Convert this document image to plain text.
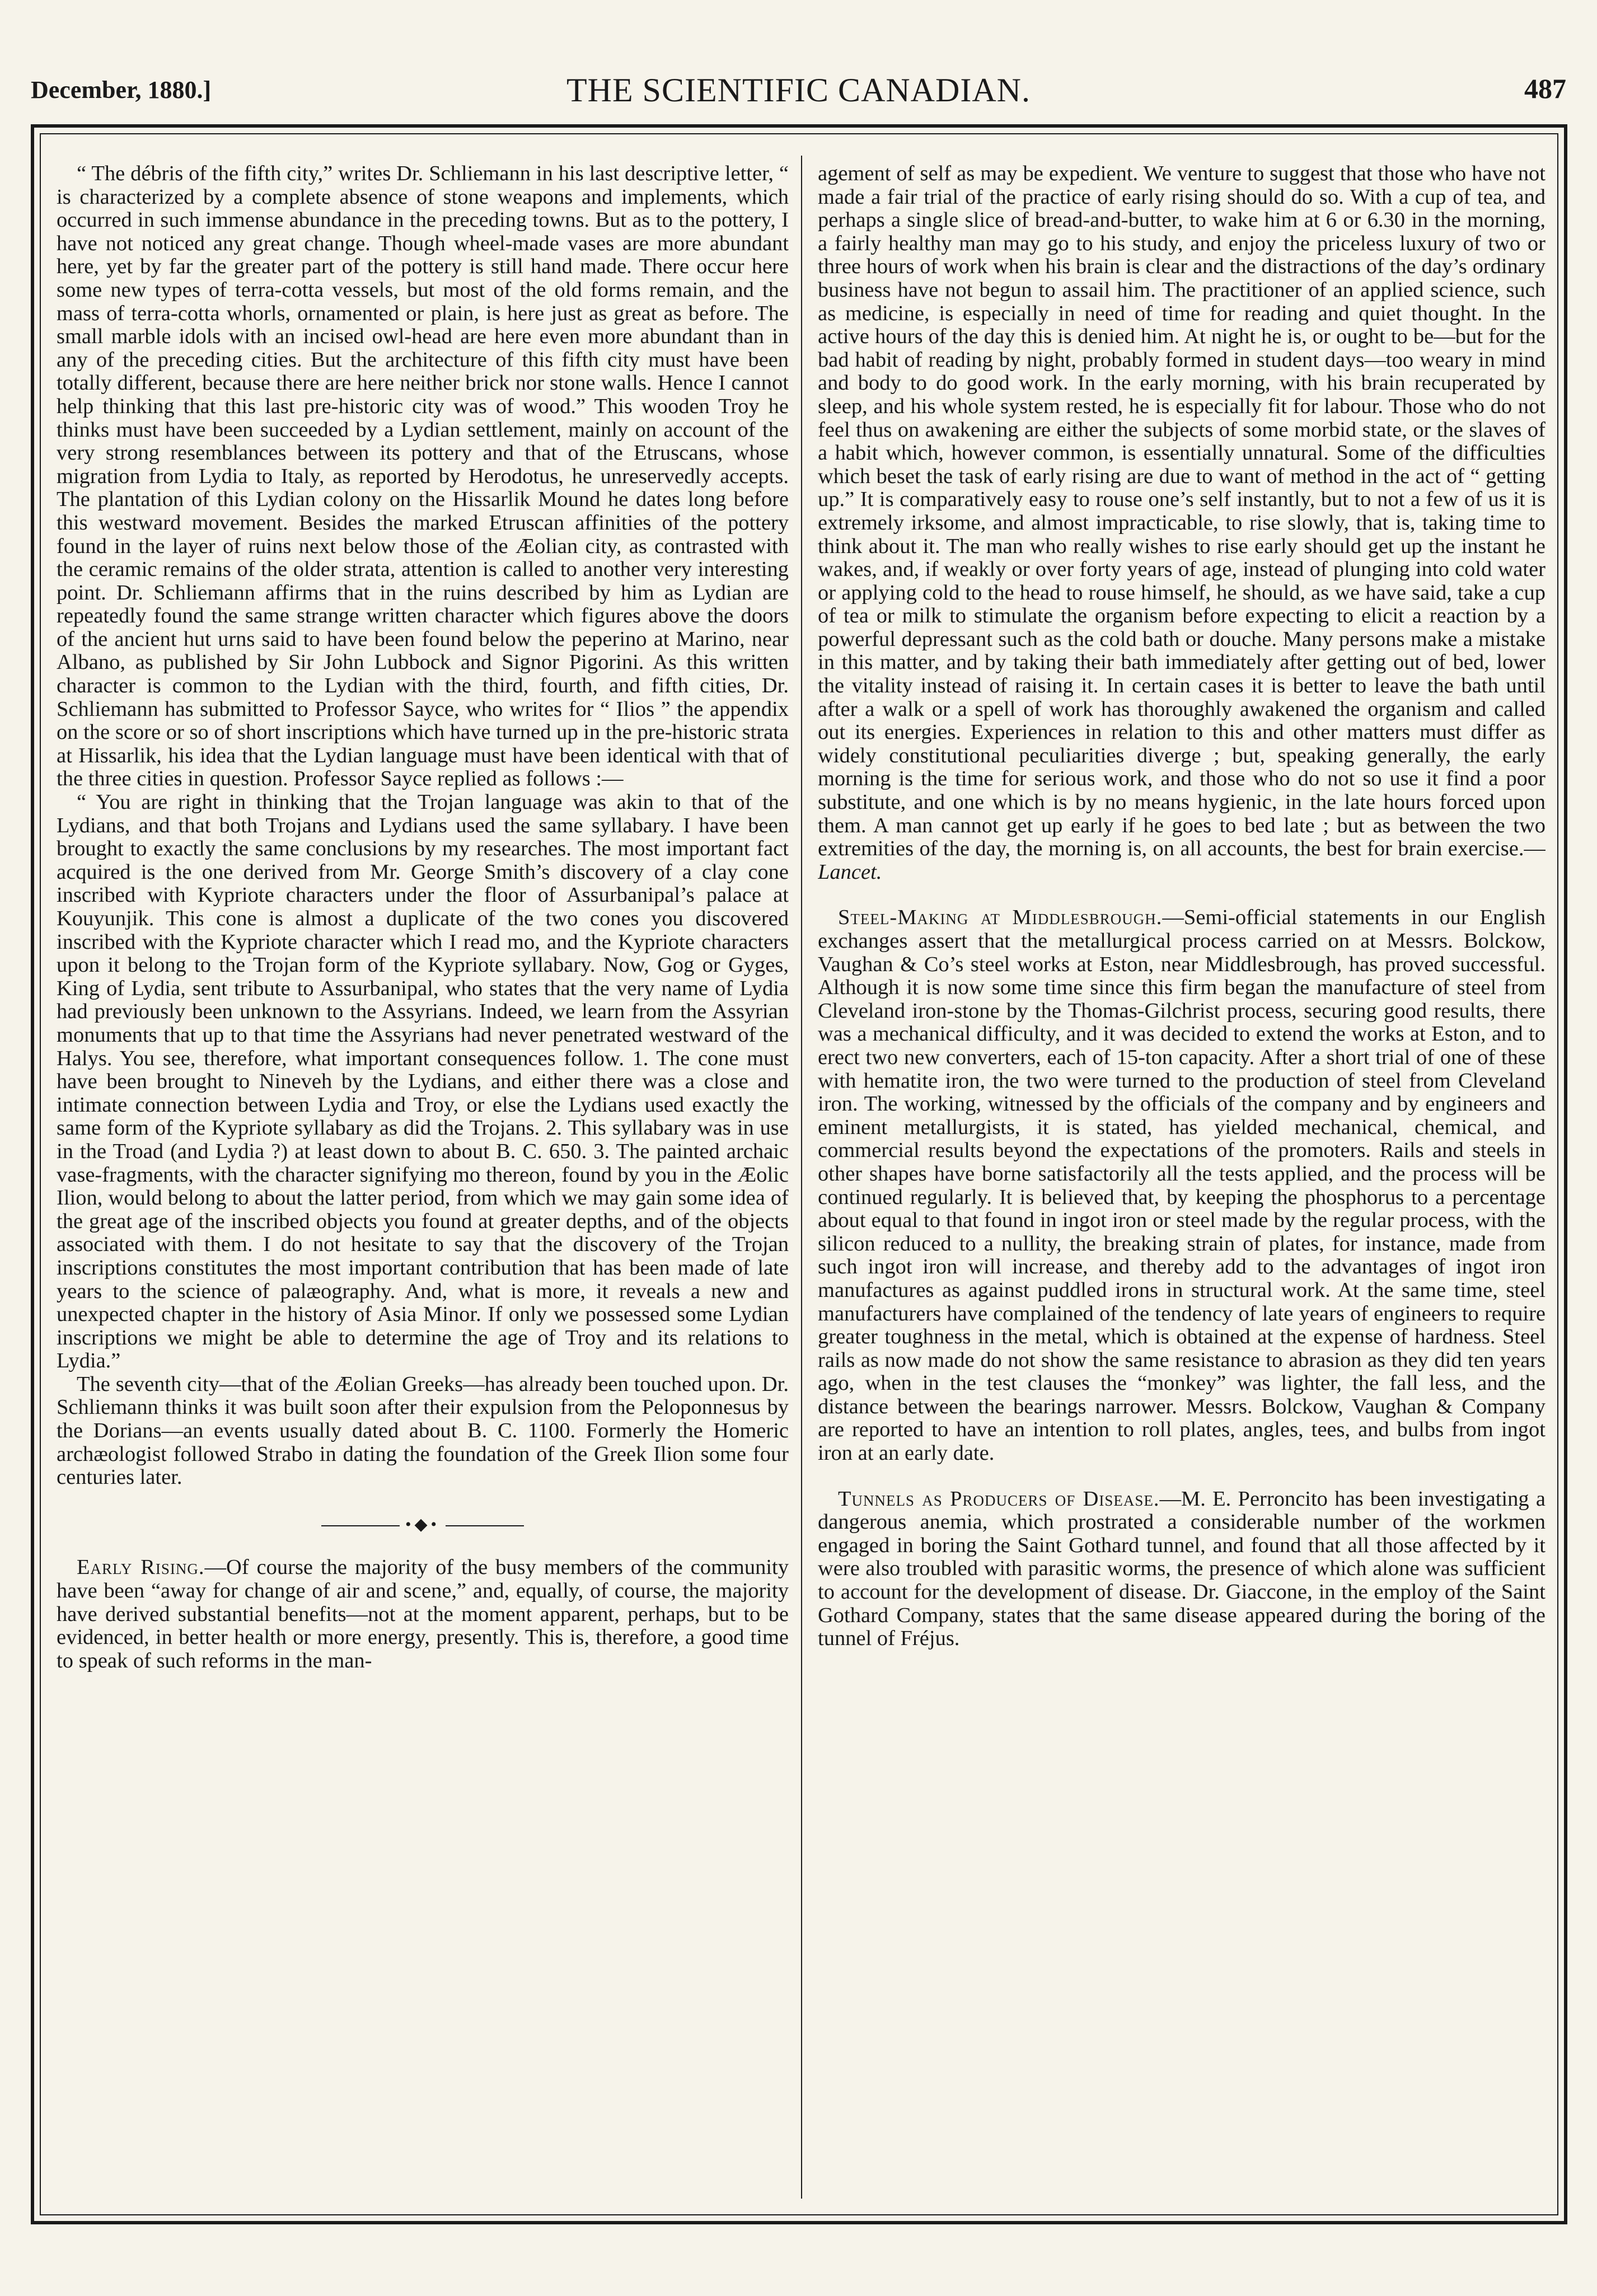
December, 1880.]	THE SCIENTIFIC CANADIAN.	487

“ The débris of the fifth city,” writes Dr. Schliemann in his last descriptive letter, “ is characterized by a complete absence of stone weapons and implements, which occurred in such immense abundance in the preceding towns. But as to the pottery, I have not noticed any great change. Though wheel-made vases are more abundant here, yet by far the greater part of the pottery is still hand made. There occur here some new types of terra-cotta vessels, but most of the old forms remain, and the mass of terra-cotta whorls, ornamented or plain, is here just as great as before. The small marble idols with an incised owl-head are here even more abundant than in any of the preceding cities. But the architecture of this fifth city must have been totally different, because there are here neither brick nor stone walls. Hence I cannot help thinking that this last pre-historic city was of wood.” This wooden Troy he thinks must have been succeeded by a Lydian settlement, mainly on account of the very strong resemblances between its pottery and that of the Etruscans, whose migration from Lydia to Italy, as reported by Herodotus, he unreservedly accepts. The plantation of this Lydian colony on the Hissarlik Mound he dates long before this westward movement. Besides the marked Etruscan affinities of the pottery found in the layer of ruins next below those of the Æolian city, as contrasted with the ceramic remains of the older strata, attention is called to another very interesting point. Dr. Schliemann affirms that in the ruins described by him as Lydian are repeatedly found the same strange written character which figures above the doors of the ancient hut urns said to have been found below the peperino at Marino, near Albano, as published by Sir John Lubbock and Signor Pigorini. As this written character is common to the Lydian with the third, fourth, and fifth cities, Dr. Schliemann has submitted to Professor Sayce, who writes for “ Ilios ” the appendix on the score or so of short inscriptions which have turned up in the pre-historic strata at Hissarlik, his idea that the Lydian language must have been identical with that of the three cities in question. Professor Sayce replied as follows :—

“ You are right in thinking that the Trojan language was akin to that of the Lydians, and that both Trojans and Lydians used the same syllabary. I have been brought to exactly the same conclusions by my researches. The most important fact acquired is the one derived from Mr. George Smith’s discovery of a clay cone inscribed with Kypriote characters under the floor of Assurbanipal’s palace at Kouyunjik. This cone is almost a duplicate of the two cones you discovered inscribed with the Kypriote character which I read mo, and the Kypriote characters upon it belong to the Trojan form of the Kypriote syllabary. Now, Gog or Gyges, King of Lydia, sent tribute to Assurbanipal, who states that the very name of Lydia had previously been unknown to the Assyrians. Indeed, we learn from the Assyrian monuments that up to that time the Assyrians had never penetrated westward of the Halys. You see, therefore, what important consequences follow. 1. The cone must have been brought to Nineveh by the Lydians, and either there was a close and intimate connection between Lydia and Troy, or else the Lydians used exactly the same form of the Kypriote syllabary as did the Trojans. 2. This syllabary was in use in the Troad (and Lydia ?) at least down to about B. C. 650. 3. The painted archaic vase-fragments, with the character signifying mo thereon, found by you in the Æolic Ilion, would belong to about the latter period, from which we may gain some idea of the great age of the inscribed objects you found at greater depths, and of the objects associated with them. I do not hesitate to say that the discovery of the Trojan inscriptions constitutes the most important contribution that has been made of late years to the science of palæography. And, what is more, it reveals a new and unexpected chapter in the history of Asia Minor. If only we possessed some Lydian inscriptions we might be able to determine the age of Troy and its relations to Lydia.”

The seventh city—that of the Æolian Greeks—has already been touched upon. Dr. Schliemann thinks it was built soon after their expulsion from the Peloponnesus by the Dorians—an events usually dated about B. C. 1100. Formerly the Homeric archæologist followed Strabo in dating the foundation of the Greek Ilion some four centuries later.

•◆•

Early Rising.—Of course the majority of the busy members of the community have been “away for change of air and scene,” and, equally, of course, the majority have derived substantial benefits—not at the moment apparent, perhaps, but to be evidenced, in better health or more energy, presently. This is, therefore, a good time to speak of such reforms in the man-

agement of self as may be expedient. We venture to suggest that those who have not made a fair trial of the practice of early rising should do so. With a cup of tea, and perhaps a single slice of bread-and-butter, to wake him at 6 or 6.30 in the morning, a fairly healthy man may go to his study, and enjoy the priceless luxury of two or three hours of work when his brain is clear and the distractions of the day’s ordinary business have not begun to assail him. The practitioner of an applied science, such as medicine, is especially in need of time for reading and quiet thought. In the active hours of the day this is denied him. At night he is, or ought to be—but for the bad habit of reading by night, probably formed in student days—too weary in mind and body to do good work. In the early morning, with his brain recuperated by sleep, and his whole system rested, he is especially fit for labour. Those who do not feel thus on awakening are either the subjects of some morbid state, or the slaves of a habit which, however common, is essentially unnatural. Some of the difficulties which beset the task of early rising are due to want of method in the act of “ getting up.” It is comparatively easy to rouse one’s self instantly, but to not a few of us it is extremely irksome, and almost impracticable, to rise slowly, that is, taking time to think about it. The man who really wishes to rise early should get up the instant he wakes, and, if weakly or over forty years of age, instead of plunging into cold water or applying cold to the head to rouse himself, he should, as we have said, take a cup of tea or milk to stimulate the organism before expecting to elicit a reaction by a powerful depressant such as the cold bath or douche. Many persons make a mistake in this matter, and by taking their bath immediately after getting out of bed, lower the vitality instead of raising it. In certain cases it is better to leave the bath until after a walk or a spell of work has thoroughly awakened the organism and called out its energies. Experiences in relation to this and other matters must differ as widely constitutional peculiarities diverge ; but, speaking generally, the early morning is the time for serious work, and those who do not so use it find a poor substitute, and one which is by no means hygienic, in the late hours forced upon them. A man cannot get up early if he goes to bed late ; but as between the two extremities of the day, the morning is, on all accounts, the best for brain exercise.—Lancet.

Steel-Making at Middlesbrough.—Semi-official statements in our English exchanges assert that the metallurgical process carried on at Messrs. Bolckow, Vaughan & Co’s steel works at Eston, near Middlesbrough, has proved successful. Although it is now some time since this firm began the manufacture of steel from Cleveland iron-stone by the Thomas-Gilchrist process, securing good results, there was a mechanical difficulty, and it was decided to extend the works at Eston, and to erect two new converters, each of 15-ton capacity. After a short trial of one of these with hematite iron, the two were turned to the production of steel from Cleveland iron. The working, witnessed by the officials of the company and by engineers and eminent metallurgists, it is stated, has yielded mechanical, chemical, and commercial results beyond the expectations of the promoters. Rails and steels in other shapes have borne satisfactorily all the tests applied, and the process will be continued regularly. It is believed that, by keeping the phosphorus to a percentage about equal to that found in ingot iron or steel made by the regular process, with the silicon reduced to a nullity, the breaking strain of plates, for instance, made from such ingot iron will increase, and thereby add to the advantages of ingot iron manufactures as against puddled irons in structural work. At the same time, steel manufacturers have complained of the tendency of late years of engineers to require greater toughness in the metal, which is obtained at the expense of hardness. Steel rails as now made do not show the same resistance to abrasion as they did ten years ago, when in the test clauses the “monkey” was lighter, the fall less, and the distance between the bearings narrower. Messrs. Bolckow, Vaughan & Company are reported to have an intention to roll plates, angles, tees, and bulbs from ingot iron at an early date.

Tunnels as Producers of Disease.—M. E. Perroncito has been investigating a dangerous anemia, which prostrated a considerable number of the workmen engaged in boring the Saint Gothard tunnel, and found that all those affected by it were also troubled with parasitic worms, the presence of which alone was sufficient to account for the development of disease. Dr. Giaccone, in the employ of the Saint Gothard Company, states that the same disease appeared during the boring of the tunnel of Fréjus.
